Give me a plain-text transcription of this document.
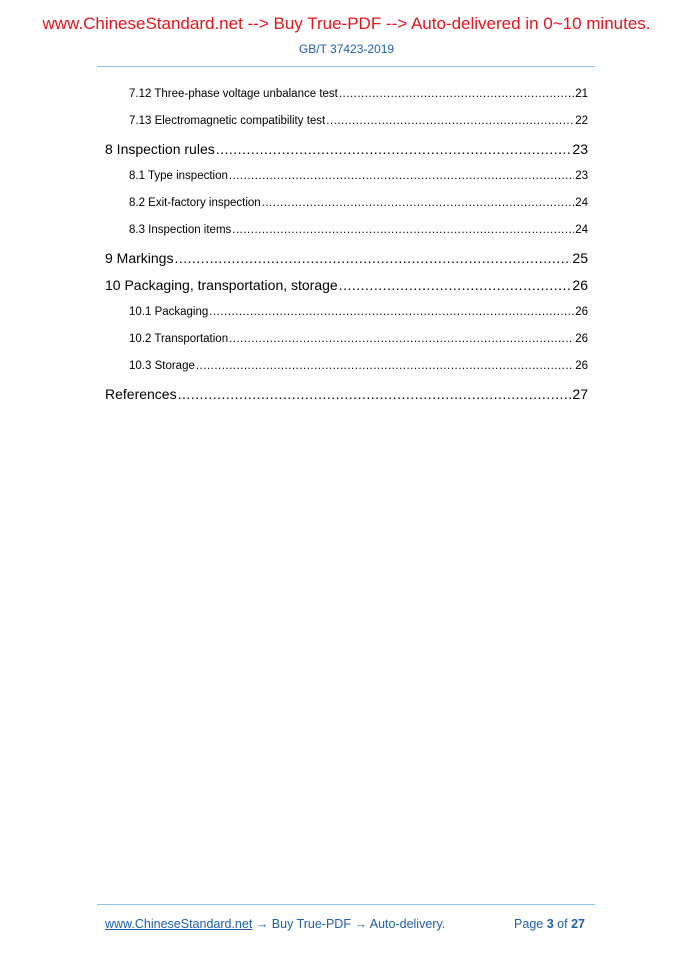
www.ChineseStandard.net --> Buy True-PDF --> Auto-delivered in 0~10 minutes.
GB/T 37423-2019
7.12 Three-phase voltage unbalance test .....	21
7.13 Electromagnetic compatibility test .....	22
8 Inspection rules .....	23
8.1 Type inspection .....	23
8.2 Exit-factory inspection .....	24
8.3 Inspection items .....	24
9 Markings .....	25
10 Packaging, transportation, storage .....	26
10.1 Packaging .....	26
10.2 Transportation .....	26
10.3 Storage .....	26
References .....	27
www.ChineseStandard.net → Buy True-PDF → Auto-delivery.	Page 3 of 27
